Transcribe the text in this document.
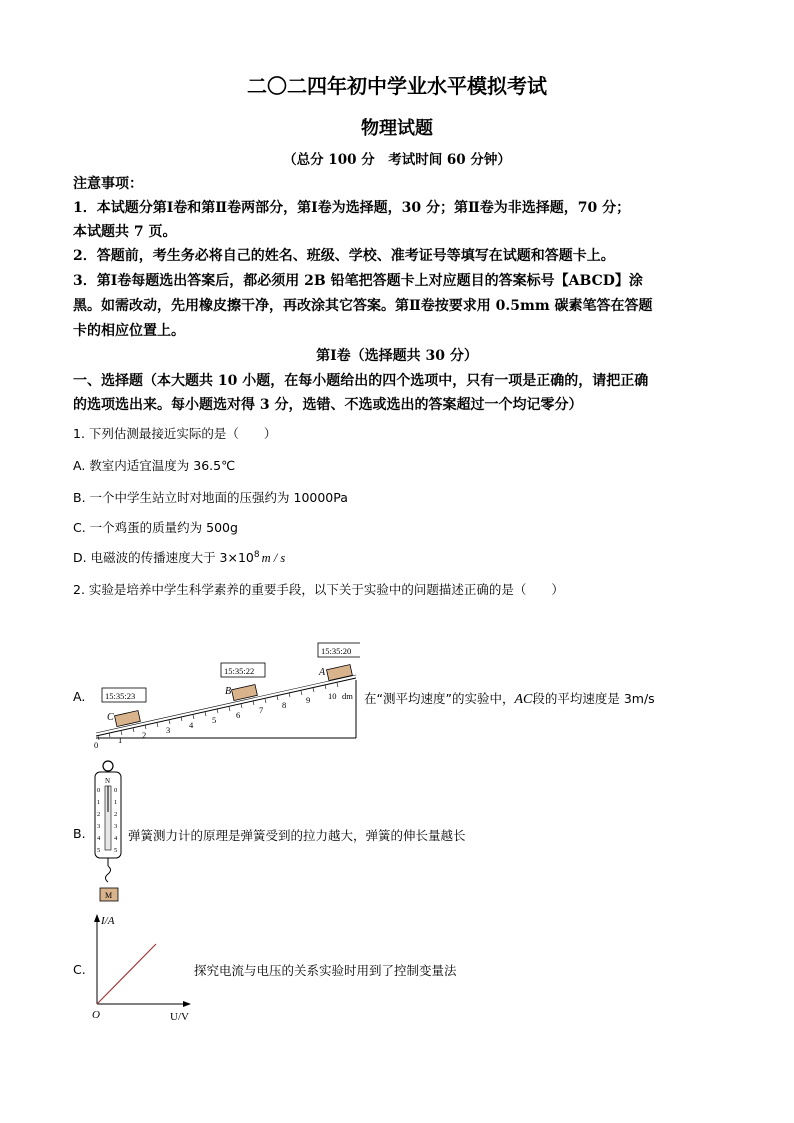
二〇二四年初中学业水平模拟考试
物理试题
（总分 100 分　考试时间 60 分钟）
注意事项：
1．本试题分第Ⅰ卷和第Ⅱ卷两部分，第Ⅰ卷为选择题，30 分；第Ⅱ卷为非选择题，70 分；
本试题共 7 页。
2．答题前，考生务必将自己的姓名、班级、学校、准考证号等填写在试题和答题卡上。
3．第Ⅰ卷每题选出答案后，都必须用 2B 铅笔把答题卡上对应题目的答案标号【ABCD】涂
黑。如需改动，先用橡皮擦干净，再改涂其它答案。第Ⅱ卷按要求用 0.5mm 碳素笔答在答题
卡的相应位置上。
第Ⅰ卷（选择题共 30 分）
一、选择题（本大题共 10 小题，在每小题给出的四个选项中，只有一项是正确的，请把正确
的选项选出来。每小题选对得 3 分，选错、不选或选出的答案超过一个均记零分）
1. 下列估测最接近实际的是（　　）
A. 教室内适宜温度为 36.5℃
B. 一个中学生站立时对地面的压强约为 10000Pa
C. 一个鸡蛋的质量约为 500g
D. 电磁波的传播速度大于 $3\times 10^8$ m / s
2. 实验是培养中学生科学素养的重要手段，以下关于实验中的问题描述正确的是（　　）
A.
0 1 2 3 4 5 6 7 8 9 10 dm
C
B
A
15:35:23
15:35:22
15:35:20
在“测平均速度”的实验中，AC段的平均速度是 3m/s
B.
N
0
1
2
3
4
5
0
1
2
3
4
5
M
弹簧测力计的原理是弹簧受到的拉力越大，弹簧的伸长量越长
C.
I/A
U/V
O
探究电流与电压的关系实验时用到了控制变量法
